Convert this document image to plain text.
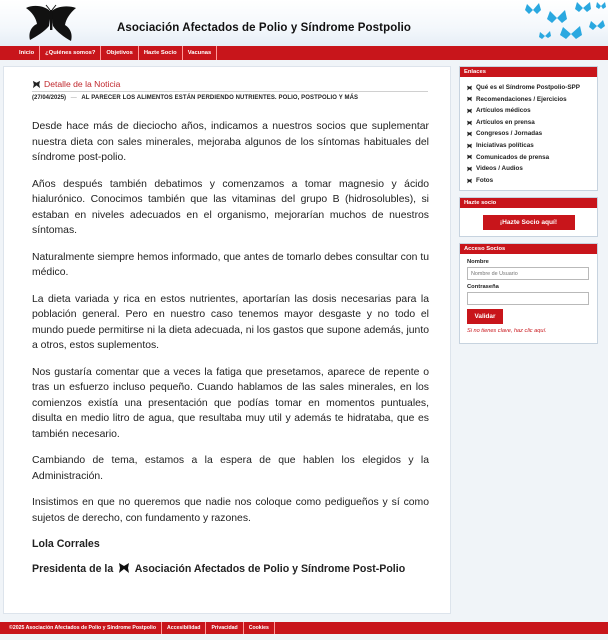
Asociación Afectados de Polio y Síndrome Postpolio
Inicio	¿Quiénes somos?	Objetivos	Hazte Socio	Vacunas
Detalle de la Noticia
(27/04/2025) — AL PARECER LOS ALIMENTOS ESTÁN PERDIENDO NUTRIENTES. POLIO, POSTPOLIO Y MÁS

Desde hace más de dieciocho años, indicamos a nuestros socios que suplementar nuestra dieta con sales minerales, mejoraba algunos de los síntomas habituales del síndrome post-polio.

Años después también debatimos y comenzamos a tomar magnesio y ácido hialurónico. Conocimos también que las vitaminas del grupo B (hidrosolubles), si estaban en niveles adecuados en el organismo, mejorarían muchos de nuestros síntomas.

Naturalmente siempre hemos informado, que antes de tomarlo debes consultar con tu médico.

La dieta variada y rica en estos nutrientes, aportarían las dosis necesarias para la población general. Pero en nuestro caso tenemos mayor desgaste y no todo el mundo puede permitirse ni la dieta adecuada, ni los gastos que supone además, junto a otros, estos suplementos.

Nos gustaría comentar que a veces la fatiga que presetamos, aparece de repente o tras un esfuerzo incluso pequeño. Cuando hablamos de las sales minerales, en los comienzos existía una presentación que podías tomar en momentos puntuales, disulta en medio litro de agua, que resultaba muy util y además te hidrataba, que es también necesario.

Cambiando de tema, estamos a la espera de que hablen los elegidos y la Administración.

Insistimos en que no queremos que nadie nos coloque como pedigueños y sí como sujetos de derecho, con fundamento y razones.

Lola Corrales
Presidenta de la Asociación Afectados de Polio y Síndrome Post-Polio
Enlaces
Qué es el Síndrome Postpolio-SPP
Recomendaciones / Ejercicios
Artículos médicos
Artículos en prensa
Congresos / Jornadas
Iniciativas políticas
Comunicados de prensa
Videos / Audios
Fotos
Hazte socio
¡Hazte Socio aquí!
Acceso Socios
Nombre
Nombre de Usuario
Contraseña
Validar
Si no tienes clave, haz clic aquí.
©2025 Asociación Afectados de Polio y Síndrome Postpolio	Accesibilidad	Privacidad	Cookies
